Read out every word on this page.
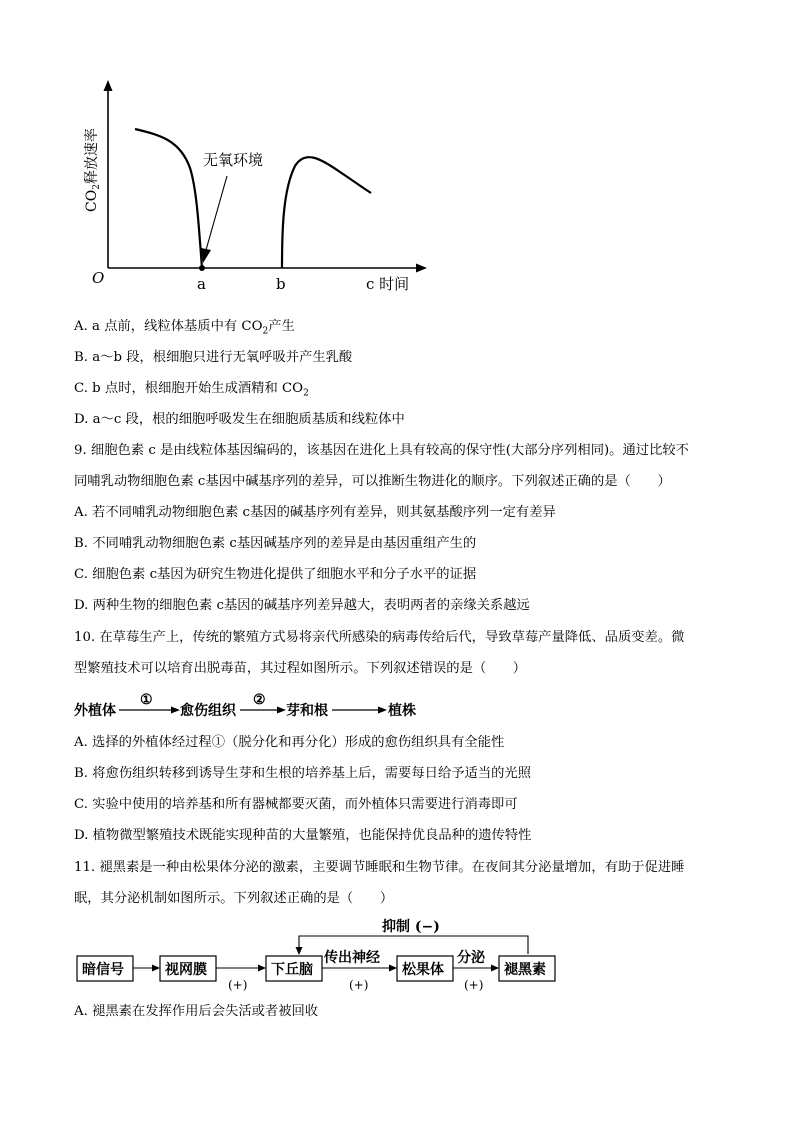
无氧环境
O	a	b	c 时间
$CO_2$释放速率
A. a 点前，线粒体基质中有 $CO_2$产生
B. a～b 段，根细胞只进行无氧呼吸并产生乳酸
C. b 点时，根细胞开始生成酒精和 $CO_2$
D. a～c 段，根的细胞呼吸发生在细胞质基质和线粒体中
9. 细胞色素 c 是由线粒体基因编码的，该基因在进化上具有较高的保守性(大部分序列相同)。通过比较不
同哺乳动物细胞色素 c基因中碱基序列的差异，可以推断生物进化的顺序。下列叙述正确的是（　　）
A. 若不同哺乳动物细胞色素 c基因的碱基序列有差异，则其氨基酸序列一定有差异
B. 不同哺乳动物细胞色素 c基因碱基序列的差异是由基因重组产生的
C. 细胞色素 c基因为研究生物进化提供了细胞水平和分子水平的证据
D. 两种生物的细胞色素 c基因的碱基序列差异越大，表明两者的亲缘关系越远
10. 在草莓生产上，传统的繁殖方式易将亲代所感染的病毒传给后代，导致草莓产量降低、品质变差。微
型繁殖技术可以培育出脱毒苗，其过程如图所示。下列叙述错误的是（　　）
外植体
①
愈伤组织
②
芽和根	植株
A. 选择的外植体经过程①（脱分化和再分化）形成的愈伤组织具有全能性
B. 将愈伤组织转移到诱导生芽和生根的培养基上后，需要每日给予适当的光照
C. 实验中使用的培养基和所有器械都要灭菌，而外植体只需要进行消毒即可
D. 植物微型繁殖技术既能实现种苗的大量繁殖，也能保持优良品种的遗传特性
11. 褪黑素是一种由松果体分泌的激素，主要调节睡眠和生物节律。在夜间其分泌量增加，有助于促进睡
眠，其分泌机制如图所示。下列叙述正确的是（　　）
抑制 (−)
暗信号	视网膜	下丘脑	松果体	褪黑素
(+)
传出神经
(+)
分泌
(+)
A. 褪黑素在发挥作用后会失活或者被回收
